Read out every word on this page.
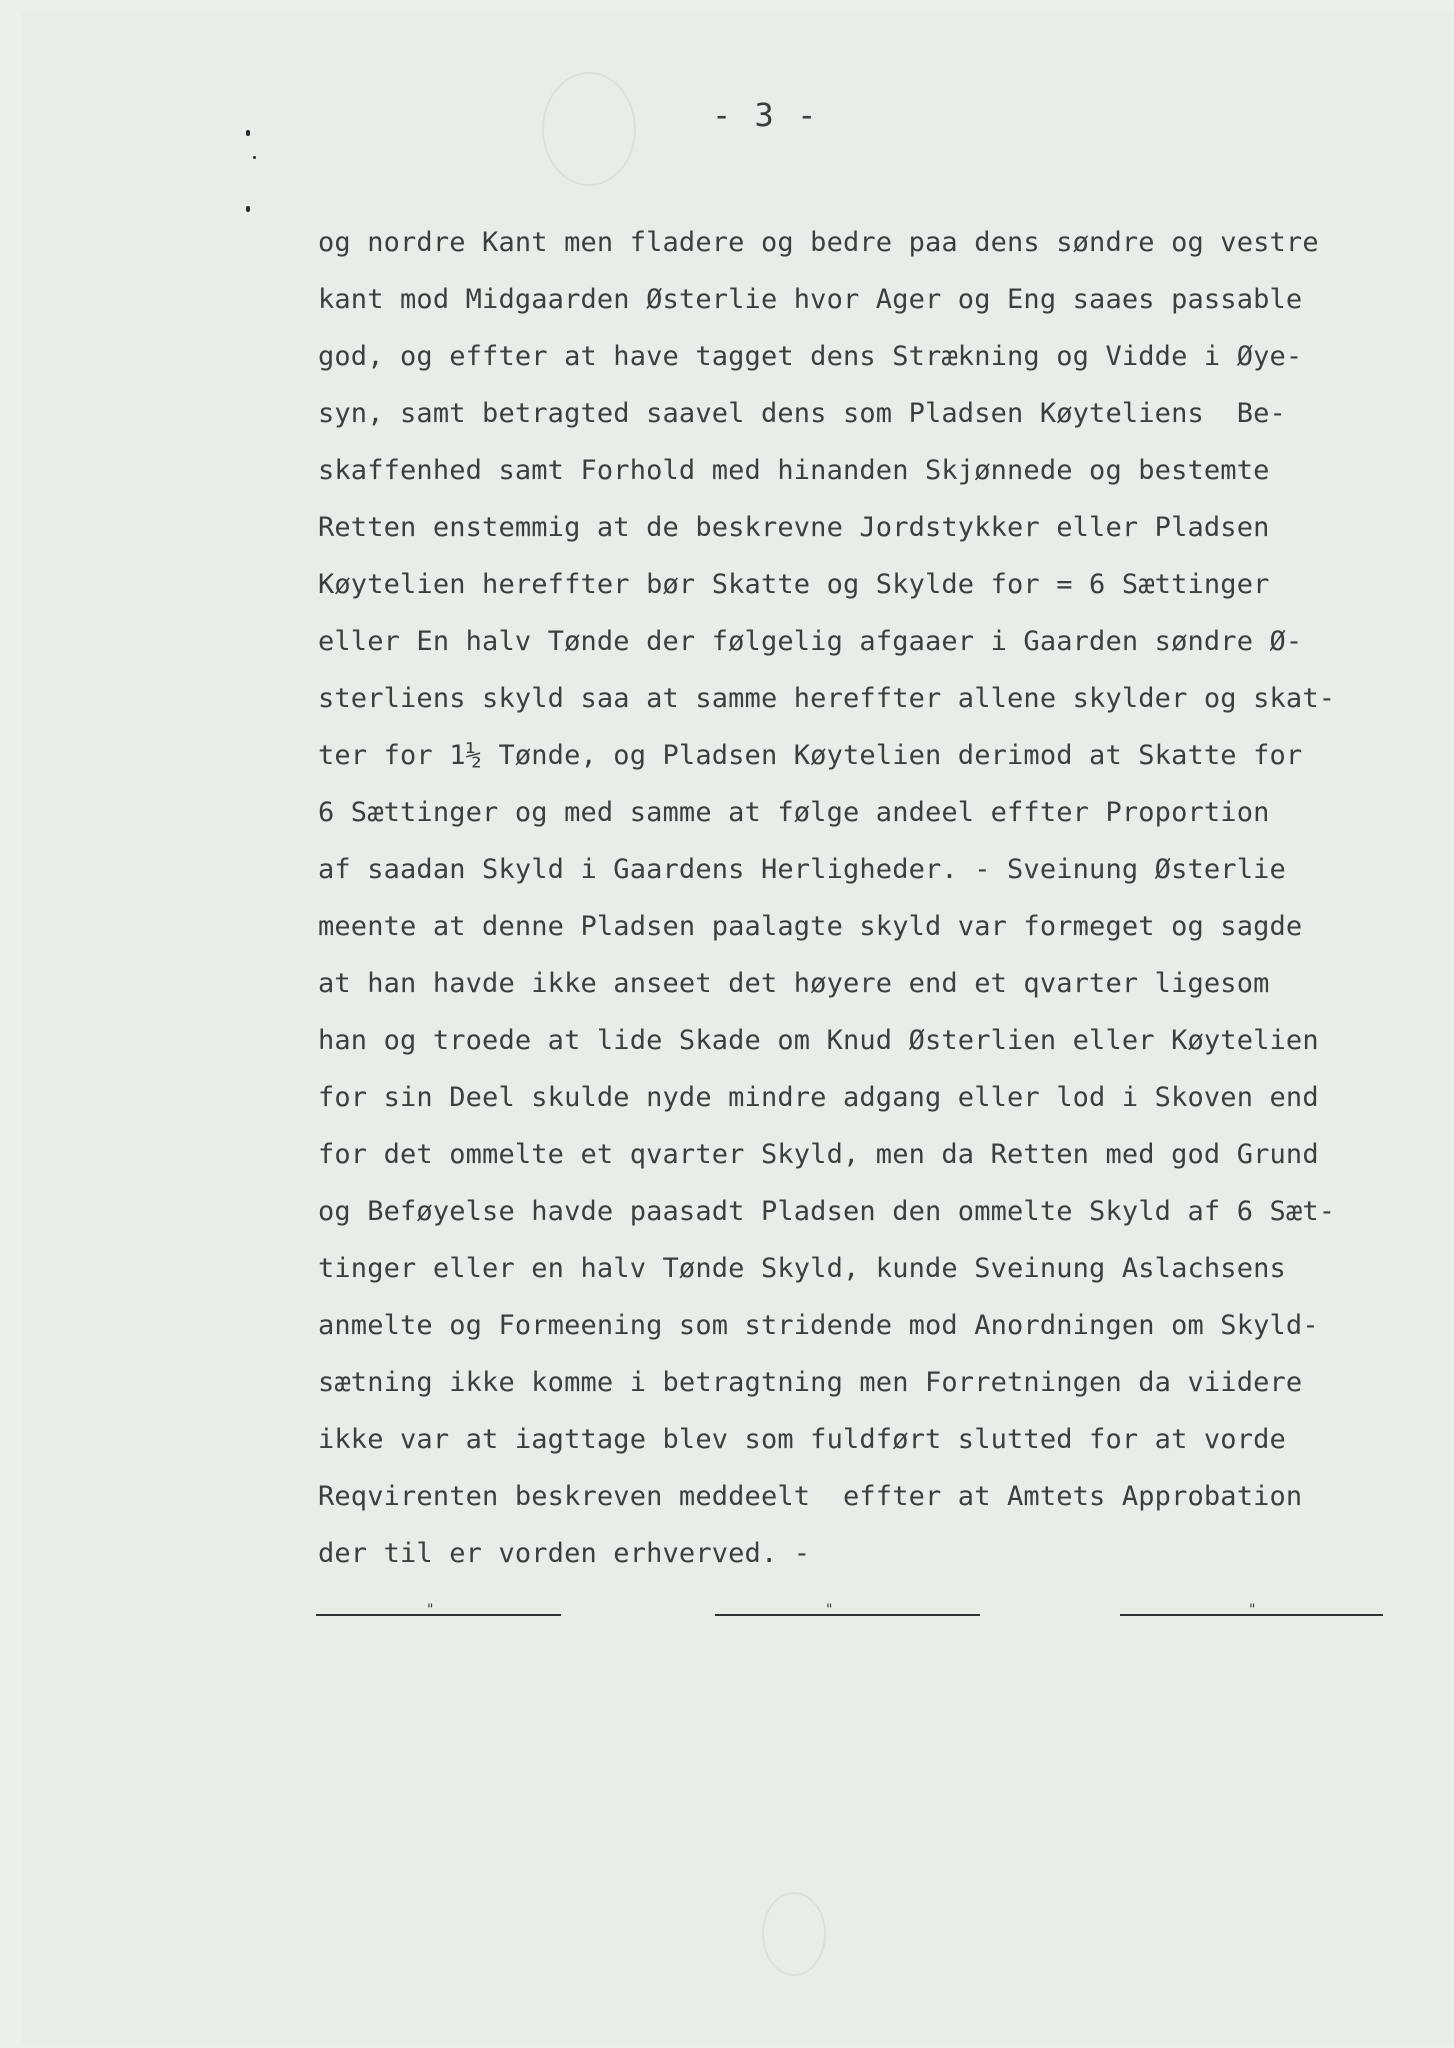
- 3 -
og nordre Kant men fladere og bedre paa dens søndre og vestre
kant mod Midgaarden Østerlie hvor Ager og Eng saaes passable
god, og effter at have tagget dens Strækning og Vidde i Øye-
syn, samt betragted saavel dens som Pladsen Køyteliens  Be-
skaffenhed samt Forhold med hinanden Skjønnede og bestemte
Retten enstemmig at de beskrevne Jordstykker eller Pladsen
Køytelien hereffter bør Skatte og Skylde for = 6 Sættinger
eller En halv Tønde der følgelig afgaaer i Gaarden søndre Ø-
sterliens skyld saa at samme hereffter allene skylder og skat-
ter for 1½ Tønde, og Pladsen Køytelien derimod at Skatte for
6 Sættinger og med samme at følge andeel effter Proportion
af saadan Skyld i Gaardens Herligheder. - Sveinung Østerlie
meente at denne Pladsen paalagte skyld var formeget og sagde
at han havde ikke anseet det høyere end et qvarter ligesom
han og troede at lide Skade om Knud Østerlien eller Køytelien
for sin Deel skulde nyde mindre adgang eller lod i Skoven end
for det ommelte et qvarter Skyld, men da Retten med god Grund
og Beføyelse havde paasadt Pladsen den ommelte Skyld af 6 Sæt-
tinger eller en halv Tønde Skyld, kunde Sveinung Aslachsens
anmelte og Formeening som stridende mod Anordningen om Skyld-
sætning ikke komme i betragtning men Forretningen da viidere
ikke var at iagttage blev som fuldført slutted for at vorde
Reqvirenten beskreven meddeelt  effter at Amtets Approbation
der til er vorden erhverved. -
"	"	"
